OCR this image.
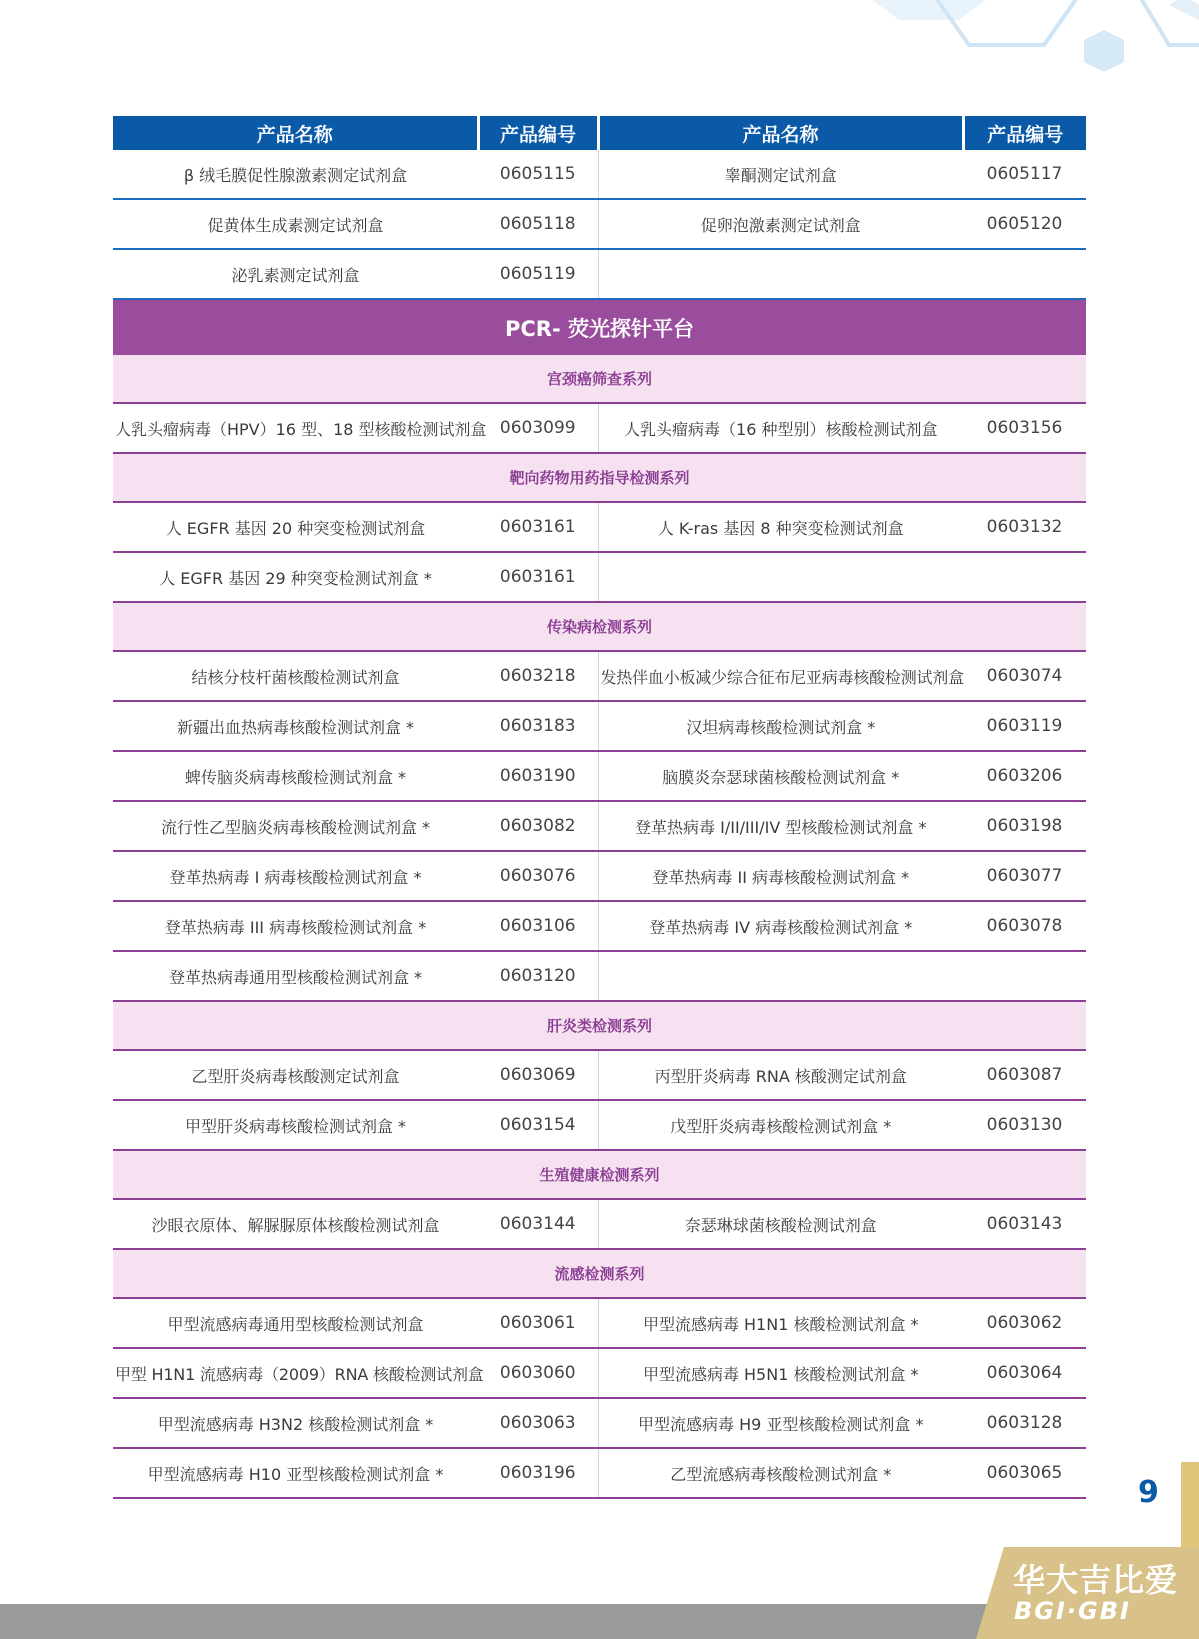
产品名称	产品编号	产品名称	产品编号
β 绒毛膜促性腺激素测定试剂盒	0605115	睾酮测定试剂盒	0605117
促黄体生成素测定试剂盒	0605118	促卵泡激素测定试剂盒	0605120
泌乳素测定试剂盒	0605119		
PCR- 荧光探针平台			
宫颈癌筛查系列			
人乳头瘤病毒（HPV）16 型、18 型核酸检测试剂盒	0603099	人乳头瘤病毒（16 种型别）核酸检测试剂盒	0603156
靶向药物用药指导检测系列			
人 EGFR 基因 20 种突变检测试剂盒	0603161	人 K-ras 基因 8 种突变检测试剂盒	0603132
人 EGFR 基因 29 种突变检测试剂盒 *	0603161		
传染病检测系列			
结核分枝杆菌核酸检测试剂盒	0603218	发热伴血小板减少综合征布尼亚病毒核酸检测试剂盒	0603074
新疆出血热病毒核酸检测试剂盒 *	0603183	汉坦病毒核酸检测试剂盒 *	0603119
蜱传脑炎病毒核酸检测试剂盒 *	0603190	脑膜炎奈瑟球菌核酸检测试剂盒 *	0603206
流行性乙型脑炎病毒核酸检测试剂盒 *	0603082	登革热病毒 I/II/III/IV 型核酸检测试剂盒 *	0603198
登革热病毒 I 病毒核酸检测试剂盒 *	0603076	登革热病毒 II 病毒核酸检测试剂盒 *	0603077
登革热病毒 III 病毒核酸检测试剂盒 *	0603106	登革热病毒 IV 病毒核酸检测试剂盒 *	0603078
登革热病毒通用型核酸检测试剂盒 *	0603120		
肝炎类检测系列			
乙型肝炎病毒核酸测定试剂盒	0603069	丙型肝炎病毒 RNA 核酸测定试剂盒	0603087
甲型肝炎病毒核酸检测试剂盒 *	0603154	戊型肝炎病毒核酸检测试剂盒 *	0603130
生殖健康检测系列			
沙眼衣原体、解脲脲原体核酸检测试剂盒	0603144	奈瑟琳球菌核酸检测试剂盒	0603143
流感检测系列			
甲型流感病毒通用型核酸检测试剂盒	0603061	甲型流感病毒 H1N1 核酸检测试剂盒 *	0603062
甲型 H1N1 流感病毒（2009）RNA 核酸检测试剂盒	0603060	甲型流感病毒 H5N1 核酸检测试剂盒 *	0603064
甲型流感病毒 H3N2 核酸检测试剂盒 *	0603063	甲型流感病毒 H9 亚型核酸检测试剂盒 *	0603128
甲型流感病毒 H10 亚型核酸检测试剂盒 *	0603196	乙型流感病毒核酸检测试剂盒 *	0603065
9
华大吉比爱
BGI·GBI
